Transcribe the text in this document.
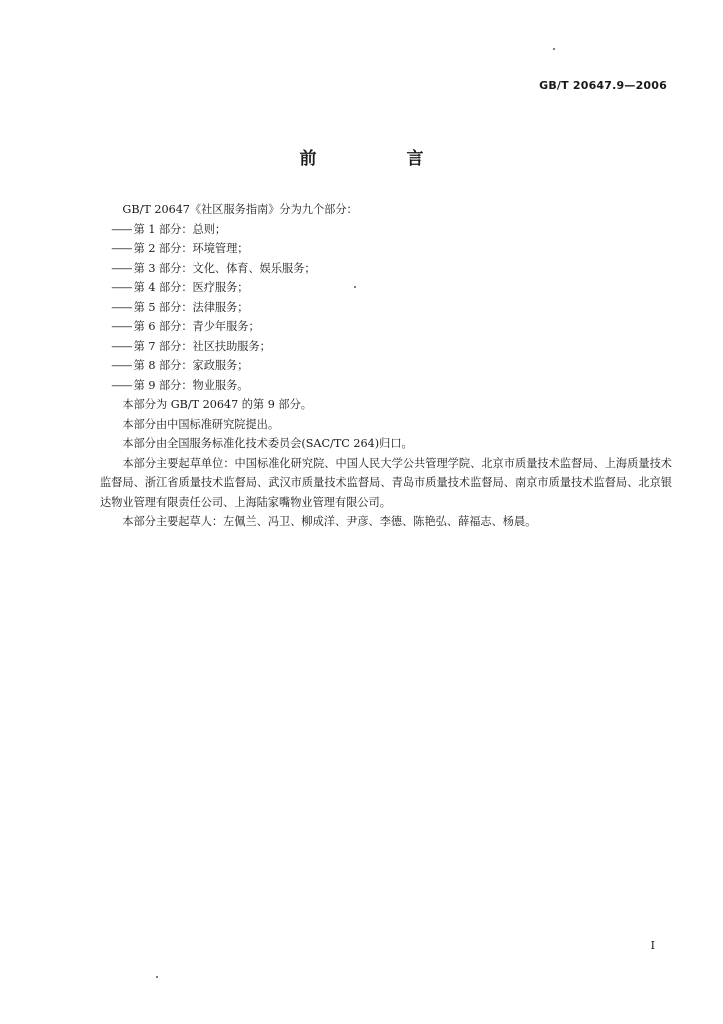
GB/T 20647.9—2006
前 言

GB/T 20647《社区服务指南》分为九个部分：

—— 第 1 部分：总则；
—— 第 2 部分：环境管理；
—— 第 3 部分：文化、体育、娱乐服务；
—— 第 4 部分：医疗服务；
—— 第 5 部分：法律服务；
—— 第 6 部分：青少年服务；
—— 第 7 部分：社区扶助服务；
—— 第 8 部分：家政服务；
—— 第 9 部分：物业服务。

本部分为 GB/T 20647 的第 9 部分。

本部分由中国标准研究院提出。

本部分由全国服务标准化技术委员会(SAC/TC 264)归口。

本部分主要起草单位：中国标准化研究院、中国人民大学公共管理学院、北京市质量技术监督局、上海质量技术监督局、浙江省质量技术监督局、武汉市质量技术监督局、青岛市质量技术监督局、南京市质量技术监督局、北京银达物业管理有限责任公司、上海陆家嘴物业管理有限公司。

本部分主要起草人：左佩兰、冯卫、柳成洋、尹彦、李德、陈艳弘、薛福志、杨晨。

I
